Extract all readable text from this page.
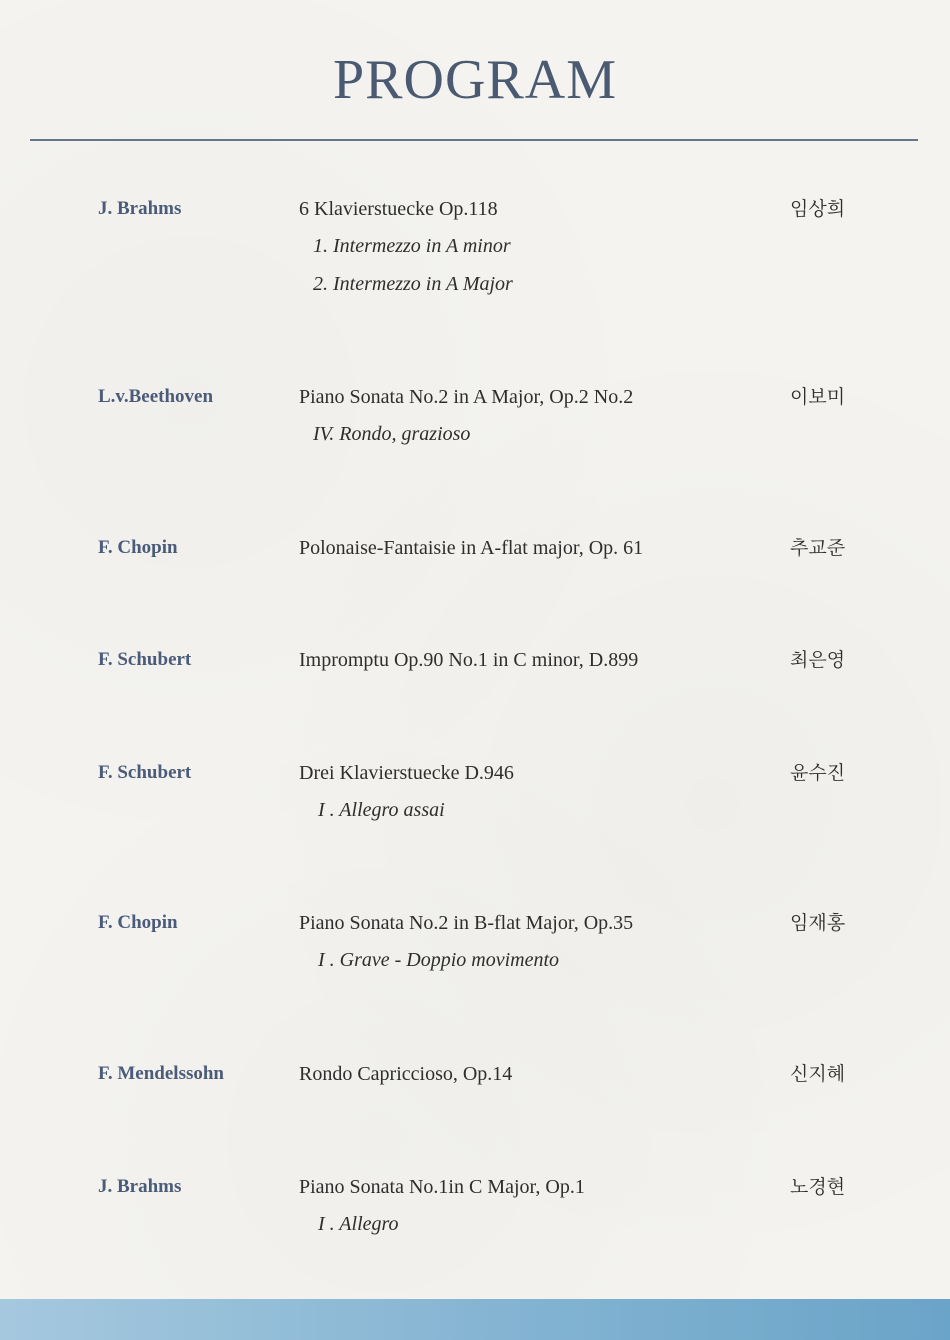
PROGRAM
J. Brahms	6 Klavierstuecke Op.118
1. Intermezzo in A minor
2. Intermezzo in A Major
임상희
L.v.Beethoven	Piano Sonata No.2 in A Major, Op.2 No.2
IV. Rondo, grazioso
이보미
F. Chopin	Polonaise-Fantaisie in A-flat major, Op. 61	추교준
F. Schubert	Impromptu Op.90 No.1 in C minor, D.899	최은영
F. Schubert	Drei Klavierstuecke D.946
I . Allegro assai
윤수진
F. Chopin	Piano Sonata No.2 in B-flat Major, Op.35
I . Grave - Doppio movimento
임재홍
F. Mendelssohn	Rondo Capriccioso, Op.14	신지혜
J. Brahms	Piano Sonata No.1in C Major, Op.1
I . Allegro
노경현
